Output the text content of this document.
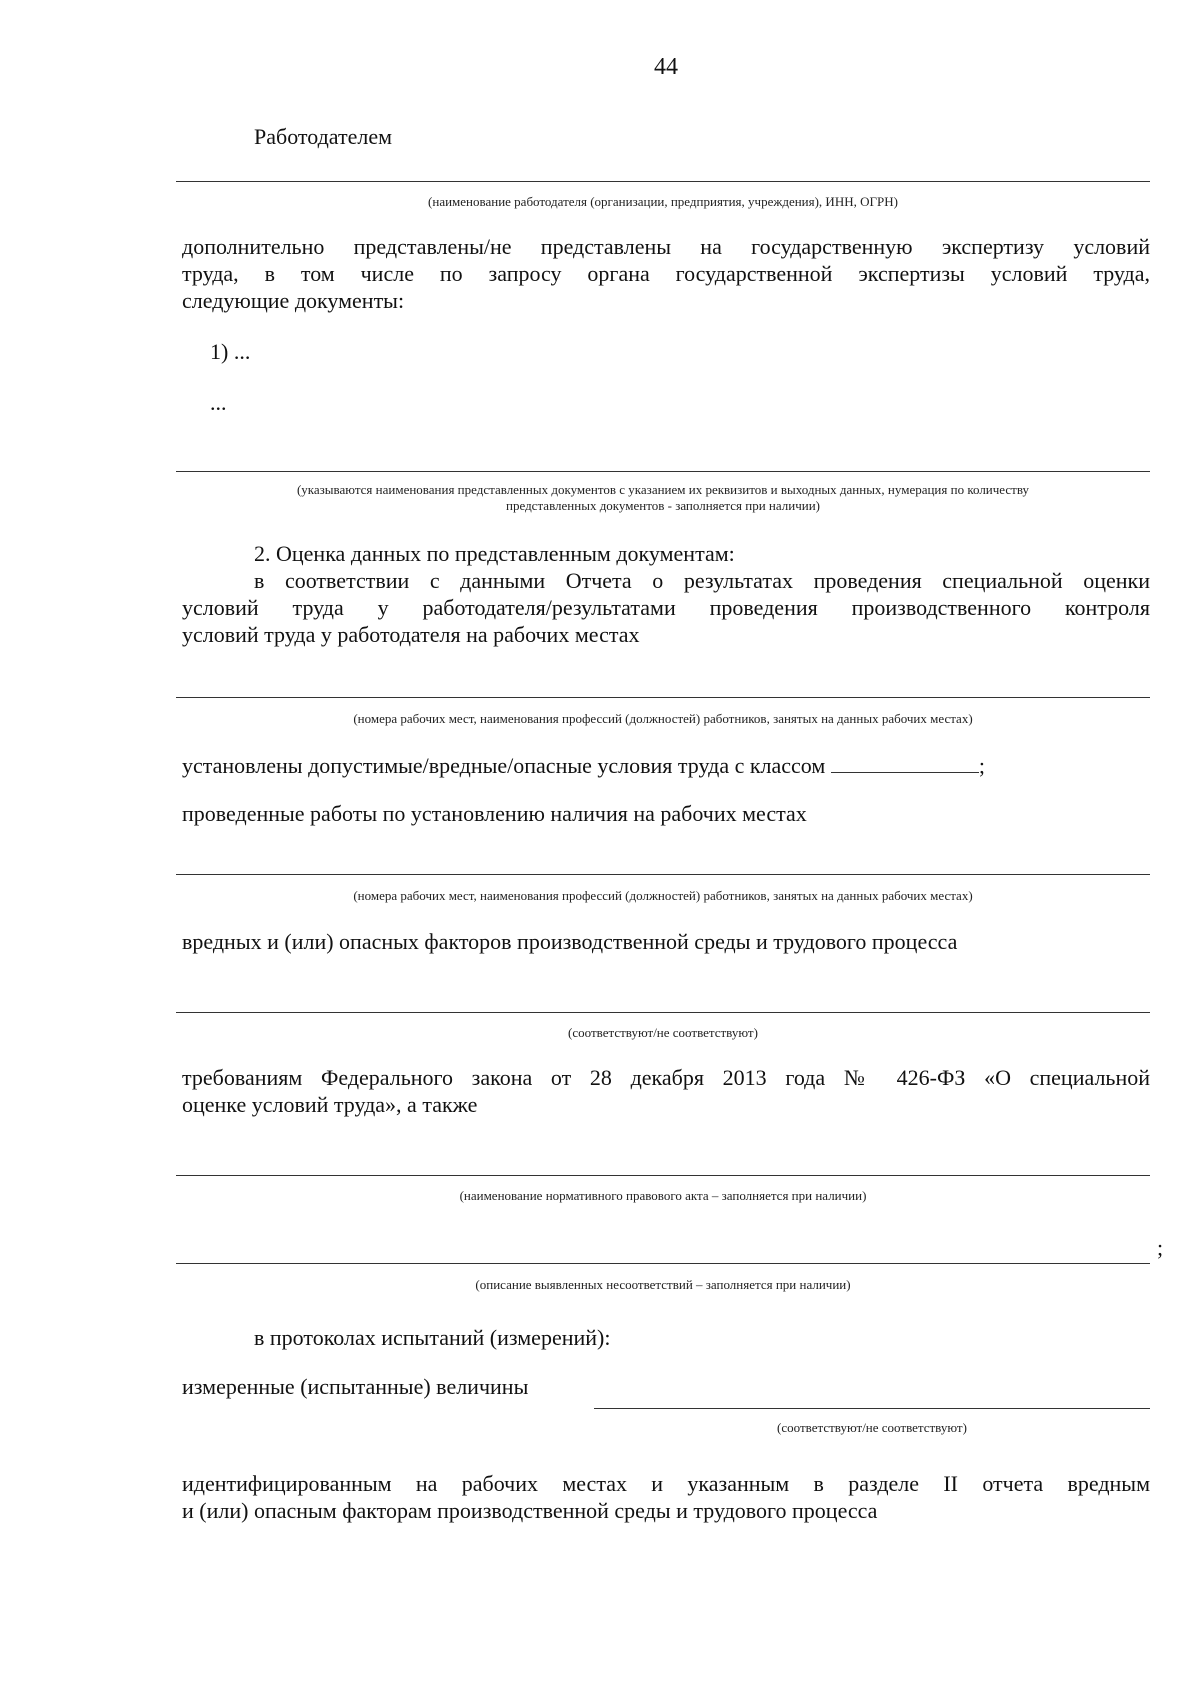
44
Работодателем
(наименование работодателя (организации, предприятия, учреждения), ИНН, ОГРН)
дополнительно представлены/не представлены на государственную экспертизу условий
труда, в том числе по запросу органа государственной экспертизы условий труда,
следующие документы:
1) ...
...
(указываются наименования представленных документов с указанием их реквизитов и выходных данных, нумерация по количеству
представленных документов - заполняется при наличии)
2. Оценка данных по представленным документам:
в соответствии с данными Отчета о результатах проведения специальной оценки
условий труда у работодателя/результатами проведения производственного контроля
условий труда у работодателя на рабочих местах
(номера рабочих мест, наименования профессий (должностей) работников, занятых на данных рабочих местах)
установлены допустимые/вредные/опасные условия труда с классом	;
проведенные работы по установлению наличия на рабочих местах
(номера рабочих мест, наименования профессий (должностей) работников, занятых на данных рабочих местах)
вредных и (или) опасных факторов производственной среды и трудового процесса
(соответствуют/не соответствуют)
требованиям Федерального закона от 28 декабря 2013 года № 426-ФЗ «О специальной
оценке условий труда», а также
(наименование нормативного правового акта – заполняется при наличии)
;
(описание выявленных несоответствий – заполняется при наличии)
в протоколах испытаний (измерений):
измеренные (испытанные) величины
(соответствуют/не соответствуют)
идентифицированным на рабочих местах и указанным в разделе II отчета вредным
и (или) опасным факторам производственной среды и трудового процесса
